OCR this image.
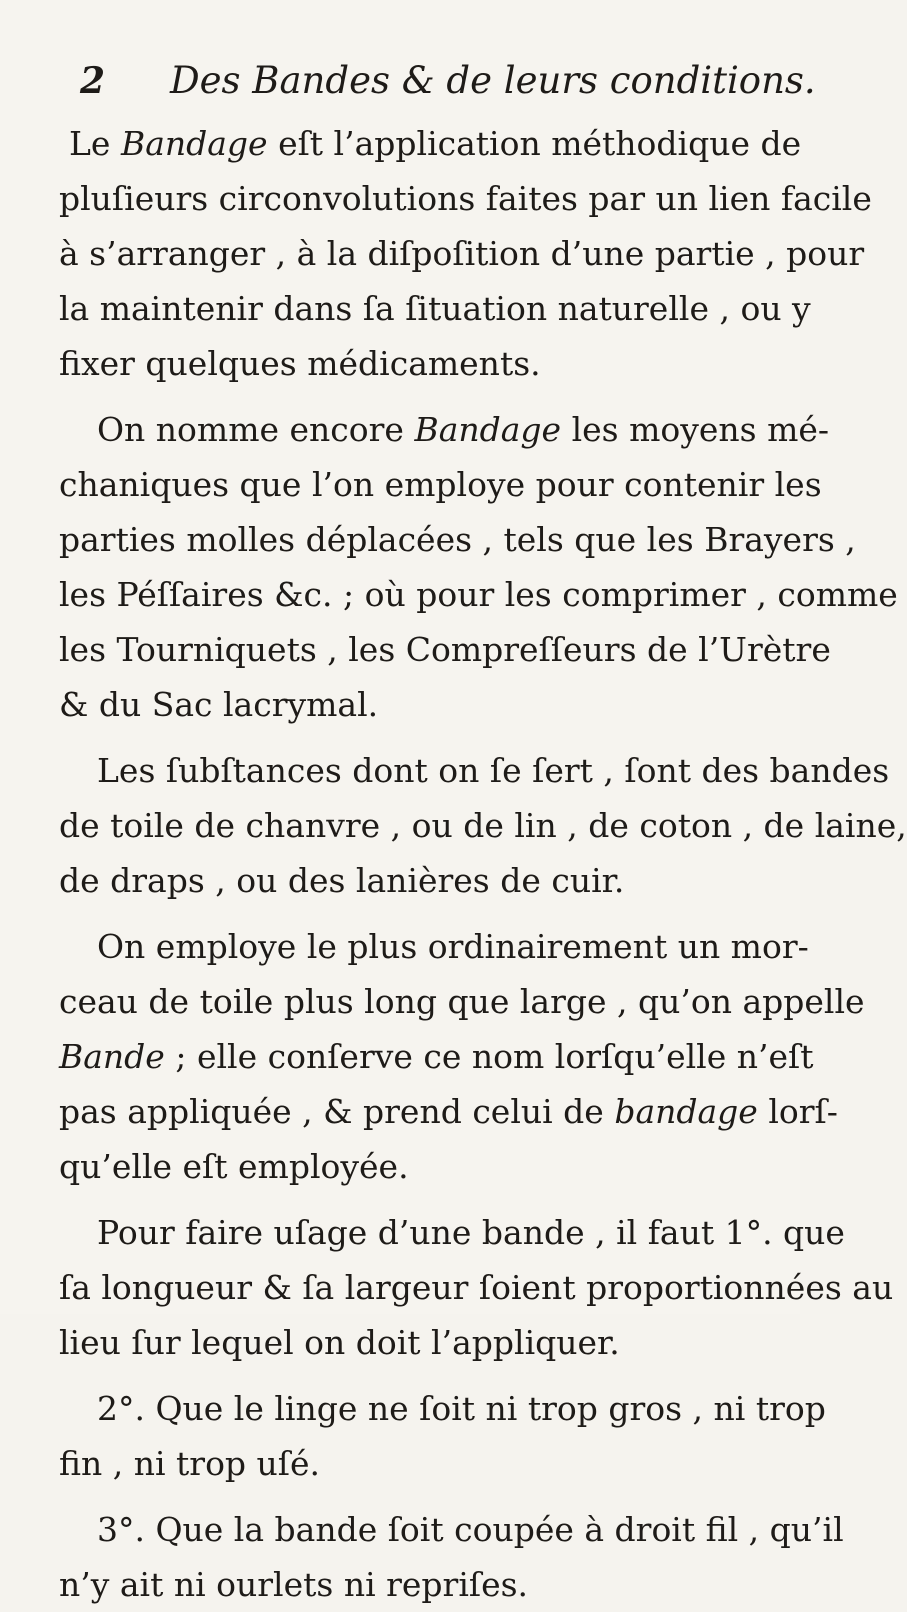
2 Des Bandes & de leurs conditions.
Le Bandage eſt l’application méthodique de
pluſieurs circonvolutions faites par un lien facile
à s’arranger , à la diſpoſition d’une partie , pour
la maintenir dans ſa ſituation naturelle , ou y
fixer quelques médicaments.
On nomme encore Bandage les moyens mé-
chaniques que l’on employe pour contenir les
parties molles déplacées , tels que les Brayers ,
les Péſſaires &c. ; où pour les comprimer , comme
les Tourniquets , les Compreſſeurs de l’Urètre
& du Sac lacrymal.
Les ſubſtances dont on ſe ſert , ſont des bandes
de toile de chanvre , ou de lin , de coton , de laine,
de draps , ou des lanières de cuir.
On employe le plus ordinairement un mor-
ceau de toile plus long que large , qu’on appelle
Bande ; elle conſerve ce nom lorſqu’elle n’eſt
pas appliquée , & prend celui de bandage lorſ-
qu’elle eſt employée.
Pour faire uſage d’une bande , il faut 1°. que
ſa longueur & ſa largeur ſoient proportionnées au
lieu ſur lequel on doit l’appliquer.
2°. Que le linge ne ſoit ni trop gros , ni trop
fin , ni trop uſé.
3°. Que la bande ſoit coupée à droit fil , qu’il
n’y ait ni ourlets ni repriſes.
